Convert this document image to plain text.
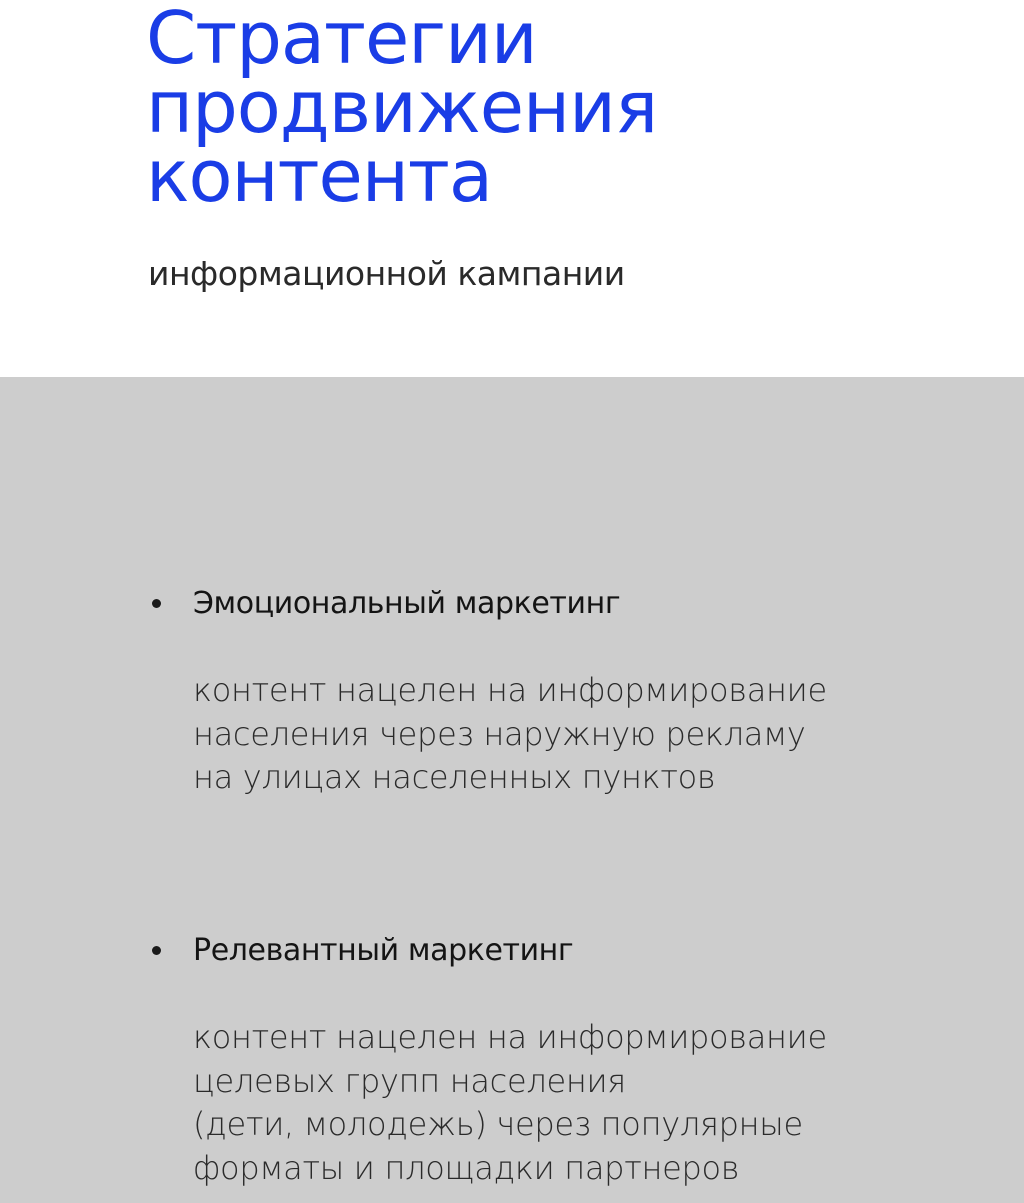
Стратегии
продвижения
контента

информационной кампании

Эмоциональный маркетинг

контент нацелен на информирование
населения через наружную рекламу
на улицах населенных пунктов

Релевантный маркетинг

контент нацелен на информирование
целевых групп населения
(дети, молодежь) через популярные
форматы и площадки партнеров
